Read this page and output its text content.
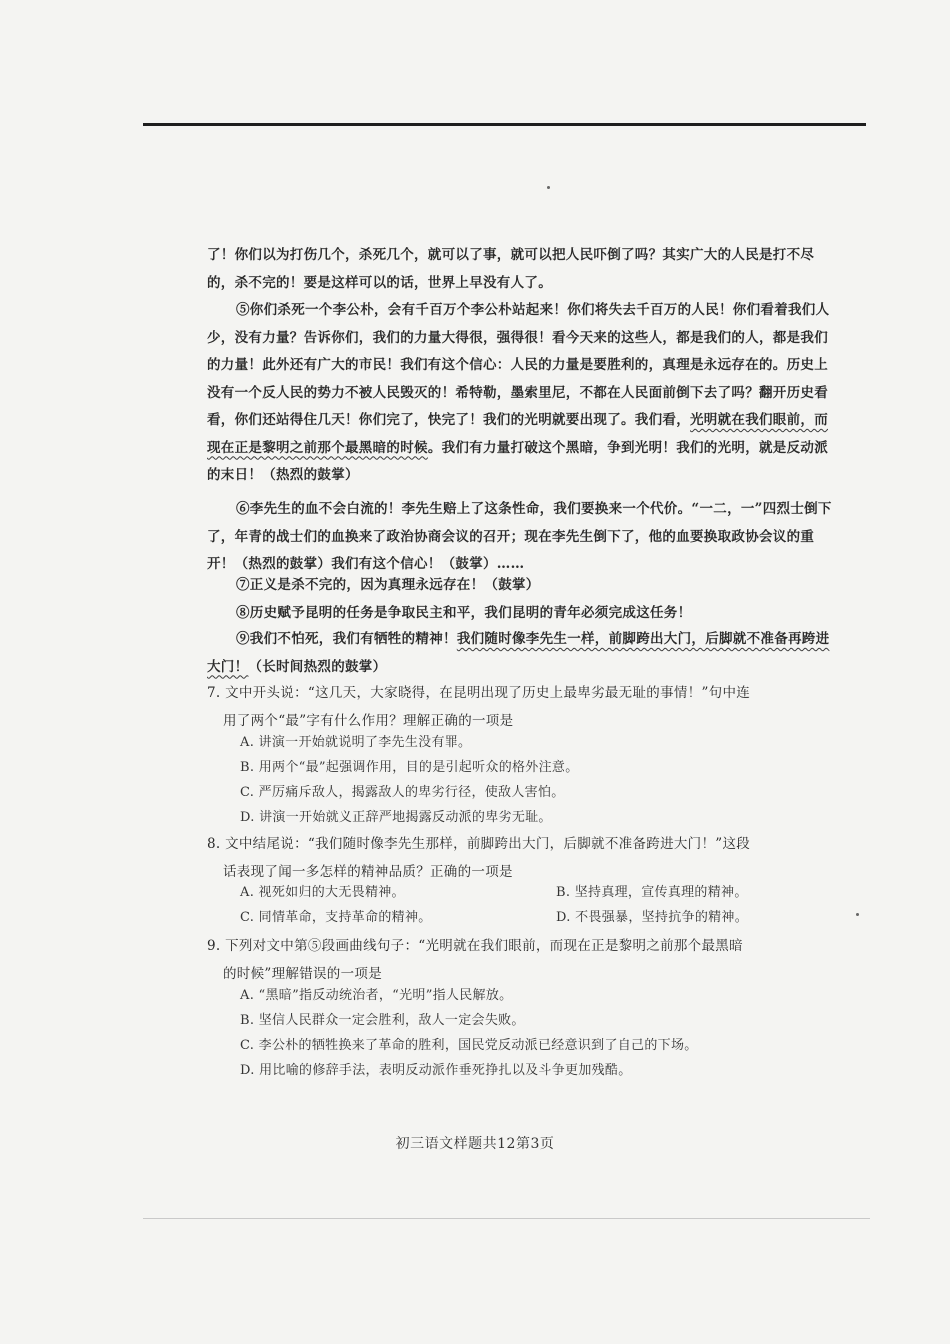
了！你们以为打伤几个，杀死几个，就可以了事，就可以把人民吓倒了吗？其实广大的人民是打不尽的，杀不完的！要是这样可以的话，世界上早没有人了。

⑤你们杀死一个李公朴，会有千百万个李公朴站起来！你们将失去千百万的人民！你们看着我们人少，没有力量？告诉你们，我们的力量大得很，强得很！看今天来的这些人，都是我们的人，都是我们的力量！此外还有广大的市民！我们有这个信心：人民的力量是要胜利的，真理是永远存在的。历史上没有一个反人民的势力不被人民毁灭的！希特勒，墨索里尼，不都在人民面前倒下去了吗？翻开历史看看，你们还站得住几天！你们完了，快完了！我们的光明就要出现了。我们看，光明就在我们眼前，而现在正是黎明之前那个最黑暗的时候。我们有力量打破这个黑暗，争到光明！我们的光明，就是反动派的末日！（热烈的鼓掌）

⑥李先生的血不会白流的！李先生赔上了这条性命，我们要换来一个代价。“一二，一”四烈士倒下了，年青的战士们的血换来了政治协商会议的召开；现在李先生倒下了，他的血要换取政协会议的重开！（热烈的鼓掌）我们有这个信心！（鼓掌）……

⑦正义是杀不完的，因为真理永远存在！（鼓掌）

⑧历史赋予昆明的任务是争取民主和平，我们昆明的青年必须完成这任务！

⑨我们不怕死，我们有牺牲的精神！我们随时像李先生一样，前脚跨出大门，后脚就不准备再跨进大门！（长时间热烈的鼓掌）

7. 文中开头说：“这几天，大家晓得，在昆明出现了历史上最卑劣最无耻的事情！”句中连
用了两个“最”字有什么作用？理解正确的一项是
A. 讲演一开始就说明了李先生没有罪。
B. 用两个“最”起强调作用，目的是引起听众的格外注意。
C. 严厉痛斥敌人，揭露敌人的卑劣行径，使敌人害怕。
D. 讲演一开始就义正辞严地揭露反动派的卑劣无耻。
8. 文中结尾说：“我们随时像李先生那样，前脚跨出大门，后脚就不准备跨进大门！”这段
话表现了闻一多怎样的精神品质？正确的一项是
A. 视死如归的大无畏精神。	B. 坚持真理，宣传真理的精神。
C. 同情革命，支持革命的精神。	D. 不畏强暴，坚持抗争的精神。
9. 下列对文中第⑤段画曲线句子：“光明就在我们眼前，而现在正是黎明之前那个最黑暗
的时候”理解错误的一项是
A. “黑暗”指反动统治者，“光明”指人民解放。
B. 坚信人民群众一定会胜利，敌人一定会失败。
C. 李公朴的牺牲换来了革命的胜利，国民党反动派已经意识到了自己的下场。
D. 用比喻的修辞手法，表明反动派作垂死挣扎以及斗争更加残酷。
初三语文样题共12第3页
